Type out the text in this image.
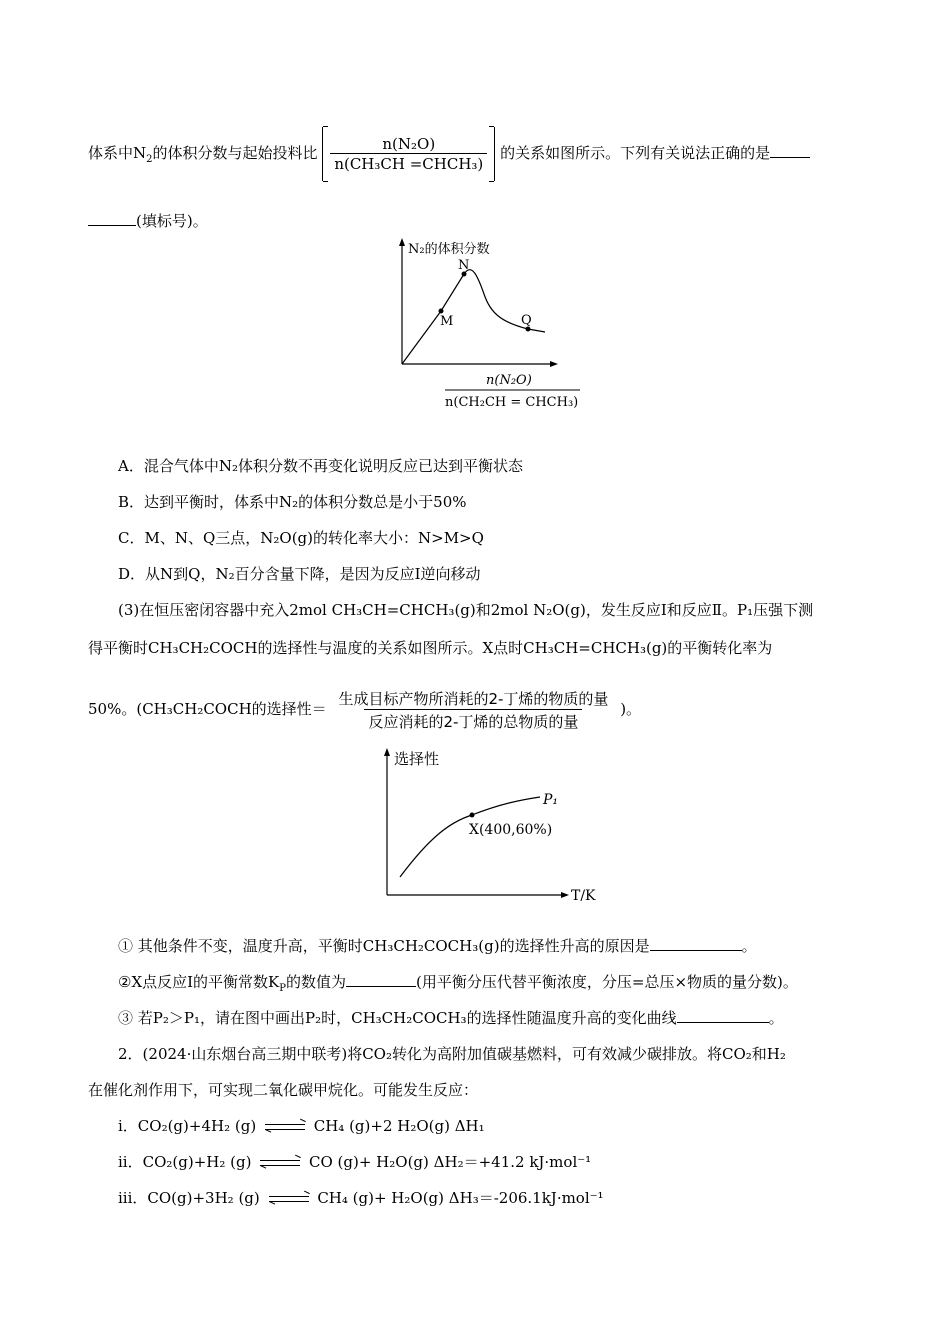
体系中$N_2$的体积分数与起始投料比 $\frac{\text{n(N₂O)}}{\text{n(CH₃CH =CHCH₃)}}$ 的关系如图所示。下列有关说法正确的是
(填标号)。
M
N
Q
N₂的体积分数
n(N₂O)
n(CH₂CH = CHCH₃)
A．混合气体中N₂体积分数不再变化说明反应已达到平衡状态
B．达到平衡时，体系中N₂的体积分数总是小于50%
C．M、N、Q三点，N₂O(g)的转化率大小：N>M>Q
D．从N到Q，N₂百分含量下降，是因为反应Ⅰ逆向移动
(3)在恒压密闭容器中充入2mol CH₃CH=CHCH₃(g)和2mol N₂O(g)，发生反应Ⅰ和反应Ⅱ。P₁压强下测
得平衡时CH₃CH₂COCH的选择性与温度的关系如图所示。X点时CH₃CH=CHCH₃(g)的平衡转化率为
50%。(CH₃CH₂COCH的选择性＝ $\frac{\text{生成目标产物所消耗的2-丁烯的物质的量}}{\text{反应消耗的2-丁烯的总物质的量}}$ )。
X(400,60%)
P₁
选择性
T/K
① 其他条件不变，温度升高，平衡时CH₃CH₂COCH₃(g)的选择性升高的原因是	。
②X点反应Ⅰ的平衡常数$K_P$的数值为	(用平衡分压代替平衡浓度，分压=总压×物质的量分数)。
③ 若P₂＞P₁，请在图中画出P₂时，CH₃CH₂COCH₃的选择性随温度升高的变化曲线	。
2．(2024·山东烟台高三期中联考)将CO₂转化为高附加值碳基燃料，可有效减少碳排放。将CO₂和H₂
在催化剂作用下，可实现二氧化碳甲烷化。可能发生反应：
i．CO₂(g)+4H₂ (g)	CH₄ (g)+2 H₂O(g) ΔH₁
ii．CO₂(g)+H₂ (g)	CO (g)+ H₂O(g) ΔH₂＝+41.2 kJ·mol⁻¹
iii．CO(g)+3H₂ (g)	CH₄ (g)+ H₂O(g) ΔH₃＝-206.1kJ·mol⁻¹
